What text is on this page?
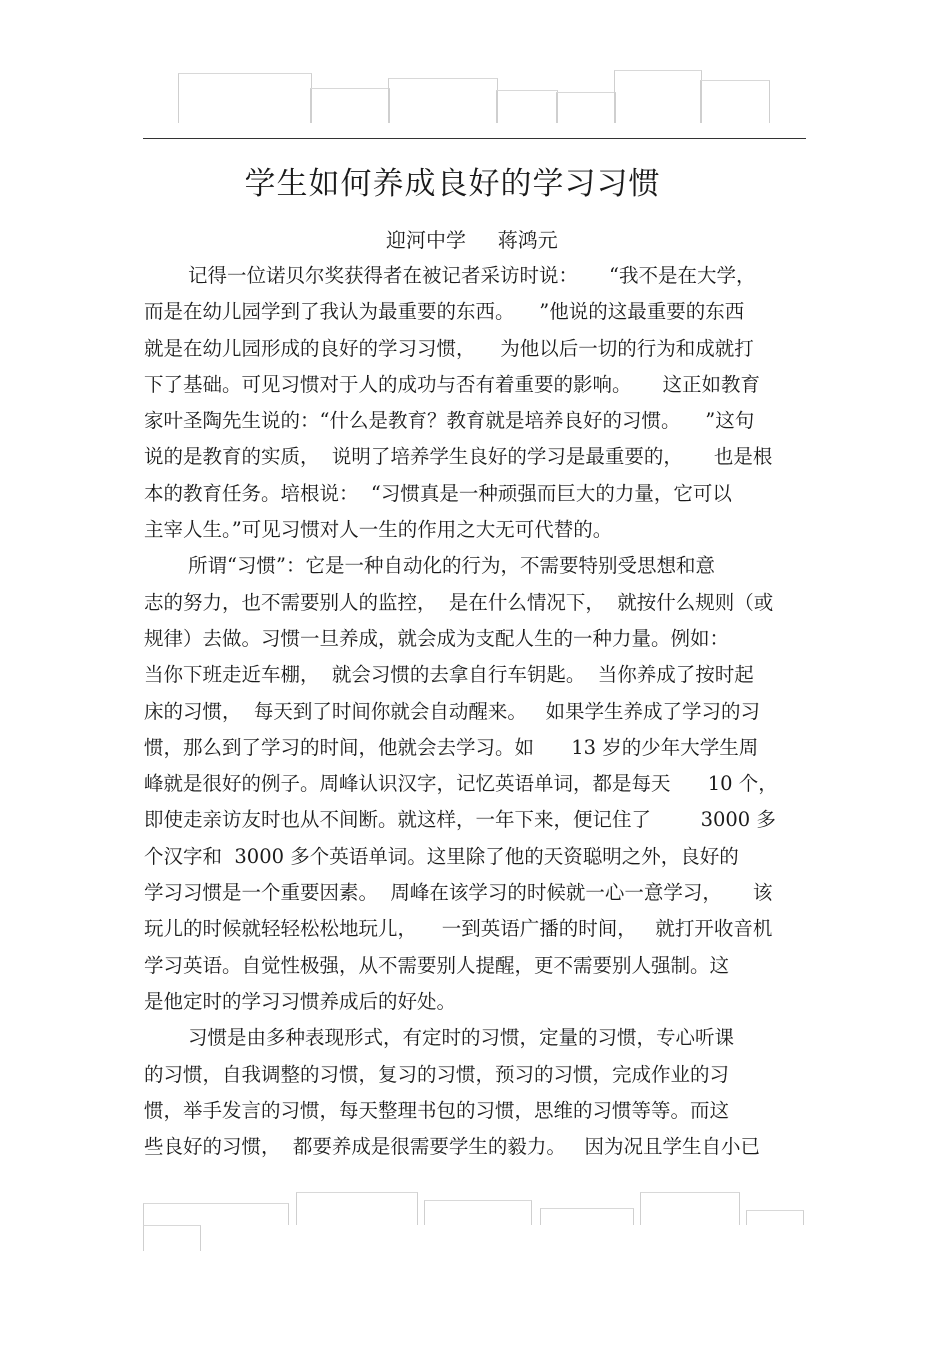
学生如何养成良好的学习习惯
迎河中学     蒋鸿元
记得一位诺贝尔奖获得者在被记者采访时说：     “我不是在大学，
而是在幼儿园学到了我认为最重要的东西。    ”他说的这最重要的东西
就是在幼儿园形成的良好的学习习惯，    为他以后一切的行为和成就打
下了基础。可见习惯对于人的成功与否有着重要的影响。     这正如教育
家叶圣陶先生说的：“什么是教育？教育就是培养良好的习惯。    ”这句
说的是教育的实质，  说明了培养学生良好的学习是最重要的，     也是根
本的教育任务。培根说：  “习惯真是一种顽强而巨大的力量，它可以
主宰人生。”可见习惯对人一生的作用之大无可代替的。
所谓“习惯”：它是一种自动化的行为，不需要特别受思想和意
志的努力，也不需要别人的监控，  是在什么情况下，  就按什么规则（或
规律）去做。习惯一旦养成，就会成为支配人生的一种力量。例如：
当你下班走近车棚，  就会习惯的去拿自行车钥匙。  当你养成了按时起
床的习惯，  每天到了时间你就会自动醒来。   如果学生养成了学习的习
惯，那么到了学习的时间，他就会去学习。如      13 岁的少年大学生周
峰就是很好的例子。周峰认识汉字，记忆英语单词，都是每天      10 个，
即使走亲访友时也从不间断。就这样，一年下来，便记住了        3000 多
个汉字和  3000 多个英语单词。这里除了他的天资聪明之外，良好的
学习习惯是一个重要因素。  周峰在该学习的时候就一心一意学习，     该
玩儿的时候就轻轻松松地玩儿，    一到英语广播的时间，   就打开收音机
学习英语。自觉性极强，从不需要别人提醒，更不需要别人强制。这
是他定时的学习习惯养成后的好处。
习惯是由多种表现形式，有定时的习惯，定量的习惯，专心听课
的习惯，自我调整的习惯，复习的习惯，预习的习惯，完成作业的习
惯，举手发言的习惯，每天整理书包的习惯，思维的习惯等等。而这
些良好的习惯，  都要养成是很需要学生的毅力。   因为况且学生自小已
